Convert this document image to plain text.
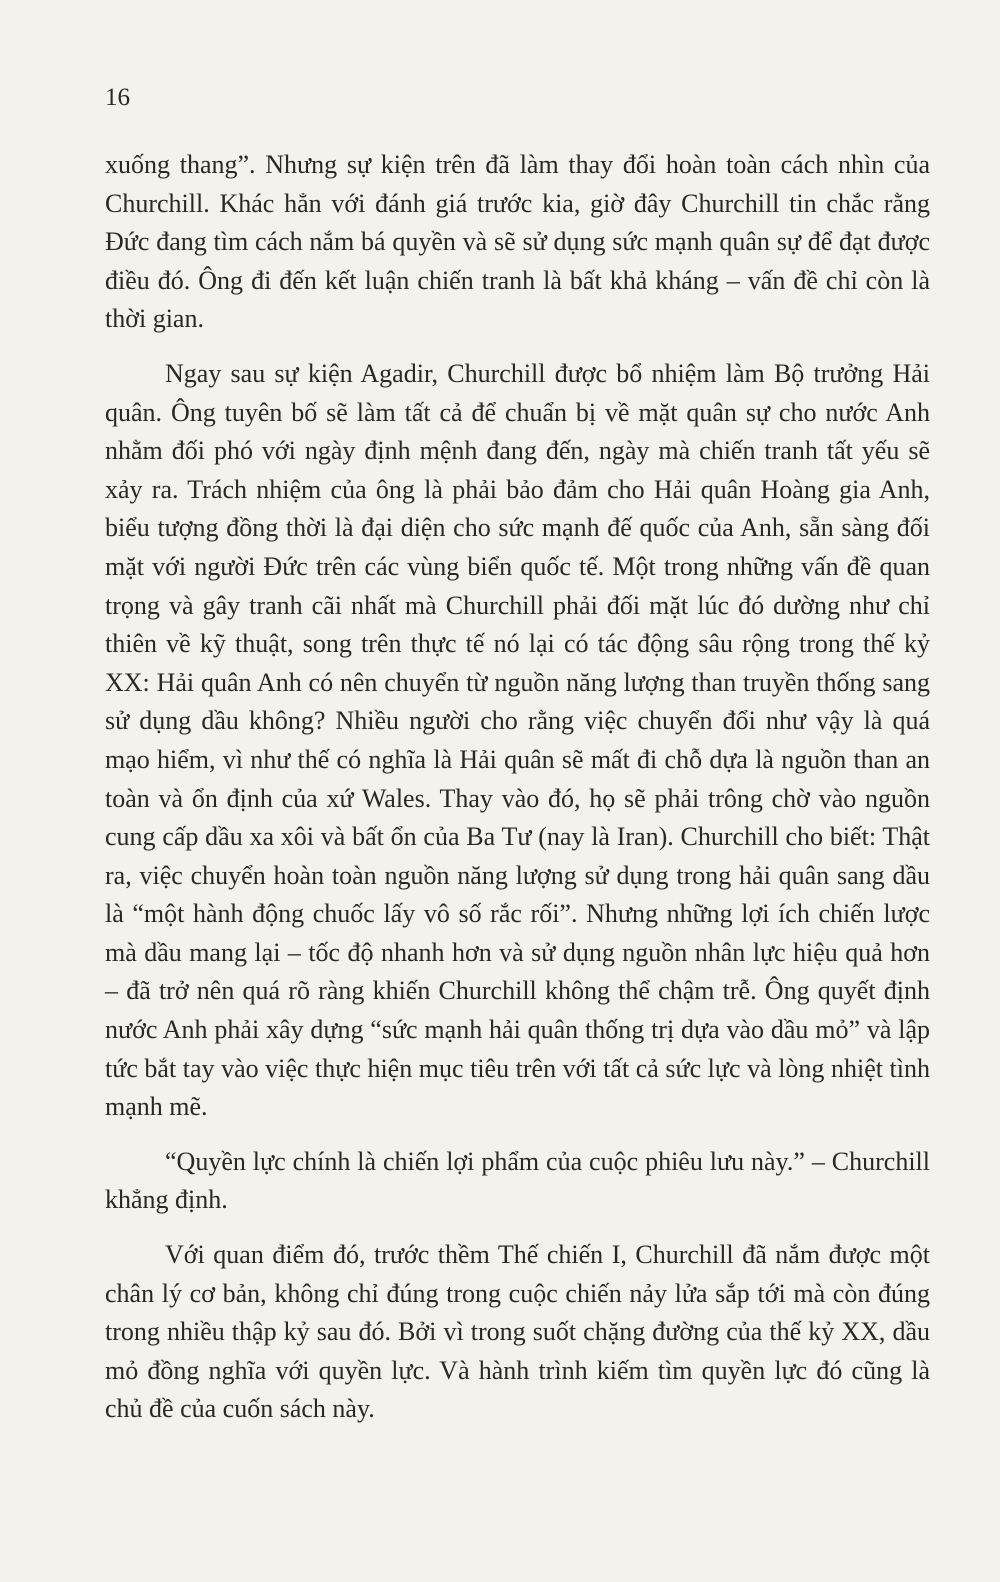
16

xuống thang”. Nhưng sự kiện trên đã làm thay đổi hoàn toàn cách nhìn của Churchill. Khác hẳn với đánh giá trước kia, giờ đây Churchill tin chắc rằng Đức đang tìm cách nắm bá quyền và sẽ sử dụng sức mạnh quân sự để đạt được điều đó. Ông đi đến kết luận chiến tranh là bất khả kháng – vấn đề chỉ còn là thời gian.

Ngay sau sự kiện Agadir, Churchill được bổ nhiệm làm Bộ trưởng Hải quân. Ông tuyên bố sẽ làm tất cả để chuẩn bị về mặt quân sự cho nước Anh nhằm đối phó với ngày định mệnh đang đến, ngày mà chiến tranh tất yếu sẽ xảy ra. Trách nhiệm của ông là phải bảo đảm cho Hải quân Hoàng gia Anh, biểu tượng đồng thời là đại diện cho sức mạnh đế quốc của Anh, sẵn sàng đối mặt với người Đức trên các vùng biển quốc tế. Một trong những vấn đề quan trọng và gây tranh cãi nhất mà Churchill phải đối mặt lúc đó dường như chỉ thiên về kỹ thuật, song trên thực tế nó lại có tác động sâu rộng trong thế kỷ XX: Hải quân Anh có nên chuyển từ nguồn năng lượng than truyền thống sang sử dụng dầu không? Nhiều người cho rằng việc chuyển đổi như vậy là quá mạo hiểm, vì như thế có nghĩa là Hải quân sẽ mất đi chỗ dựa là nguồn than an toàn và ổn định của xứ Wales. Thay vào đó, họ sẽ phải trông chờ vào nguồn cung cấp dầu xa xôi và bất ổn của Ba Tư (nay là Iran). Churchill cho biết: Thật ra, việc chuyển hoàn toàn nguồn năng lượng sử dụng trong hải quân sang dầu là “một hành động chuốc lấy vô số rắc rối”. Nhưng những lợi ích chiến lược mà dầu mang lại – tốc độ nhanh hơn và sử dụng nguồn nhân lực hiệu quả hơn – đã trở nên quá rõ ràng khiến Churchill không thể chậm trễ. Ông quyết định nước Anh phải xây dựng “sức mạnh hải quân thống trị dựa vào dầu mỏ” và lập tức bắt tay vào việc thực hiện mục tiêu trên với tất cả sức lực và lòng nhiệt tình mạnh mẽ.

“Quyền lực chính là chiến lợi phẩm của cuộc phiêu lưu này.” – Churchill khẳng định.

Với quan điểm đó, trước thềm Thế chiến I, Churchill đã nắm được một chân lý cơ bản, không chỉ đúng trong cuộc chiến nảy lửa sắp tới mà còn đúng trong nhiều thập kỷ sau đó. Bởi vì trong suốt chặng đường của thế kỷ XX, dầu mỏ đồng nghĩa với quyền lực. Và hành trình kiếm tìm quyền lực đó cũng là chủ đề của cuốn sách này.
